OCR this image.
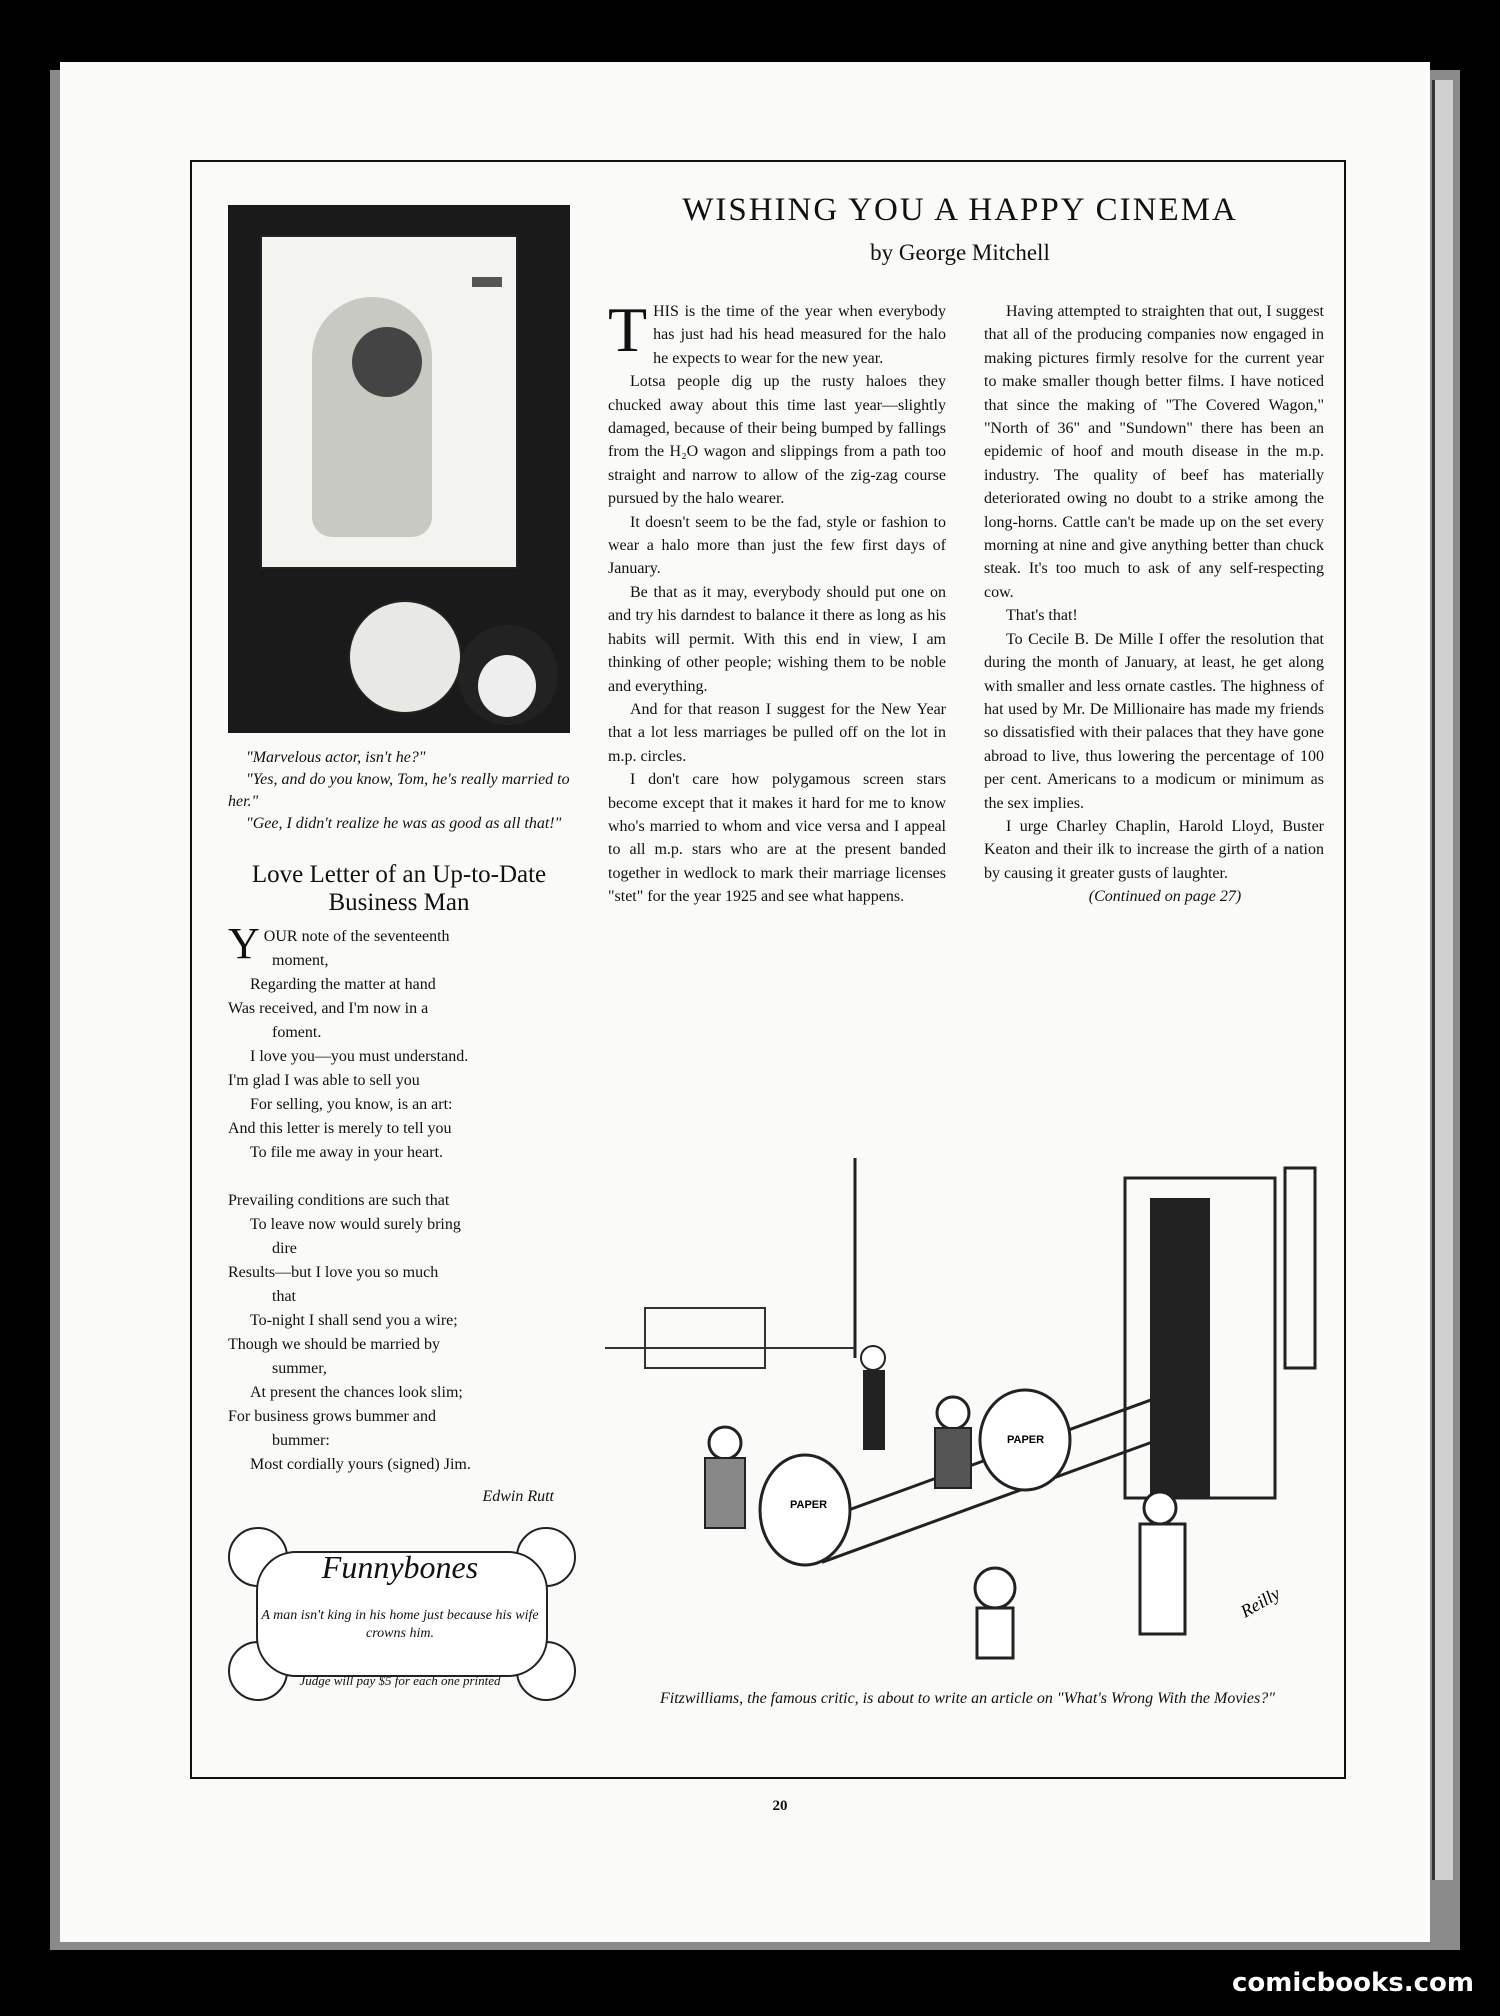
"Marvelous actor, isn't he?"

"Yes, and do you know, Tom, he's really married to her."

"Gee, I didn't realize he was as good as all that!"

Love Letter of an Up-to-Date Business Man
YOUR note of the seventeenth
moment,
Regarding the matter at hand
Was received, and I'm now in a
foment.
I love you—you must understand.
I'm glad I was able to sell you
For selling, you know, is an art:
And this letter is merely to tell you
To file me away in your heart.
Prevailing conditions are such that
To leave now would surely bring
dire
Results—but I love you so much
that
To-night I shall send you a wire;
Though we should be married by
summer,
At present the chances look slim;
For business grows bummer and
bummer:
Most cordially yours (signed) Jim.
Edwin Rutt
Funnybones
A man isn't king in his home just because his wife crowns him.
Judge will pay $5 for each one printed
WISHING YOU A HAPPY CINEMA
by George Mitchell

THIS is the time of the year when everybody has just had his head measured for the halo he expects to wear for the new year.

Lotsa people dig up the rusty haloes they chucked away about this time last year—slightly damaged, because of their being bumped by fallings from the H₂O wagon and slippings from a path too straight and narrow to allow of the zig-zag course pursued by the halo wearer.

It doesn't seem to be the fad, style or fashion to wear a halo more than just the few first days of January.

Be that as it may, everybody should put one on and try his darndest to balance it there as long as his habits will permit. With this end in view, I am thinking of other people; wishing them to be noble and everything.

And for that reason I suggest for the New Year that a lot less marriages be pulled off on the lot in m.p. circles.

I don't care how polygamous screen stars become except that it makes it hard for me to know who's married to whom and vice versa and I appeal to all m.p. stars who are at the present banded together in wedlock to mark their marriage licenses "stet" for the year 1925 and see what happens.

Having attempted to straighten that out, I suggest that all of the producing companies now engaged in making pictures firmly resolve for the current year to make smaller though better films. I have noticed that since the making of "The Covered Wagon," "North of 36" and "Sundown" there has been an epidemic of hoof and mouth disease in the m.p. industry. The quality of beef has materially deteriorated owing no doubt to a strike among the long-horns. Cattle can't be made up on the set every morning at nine and give anything better than chuck steak. It's too much to ask of any self-respecting cow.

That's that!

To Cecile B. De Mille I offer the resolution that during the month of January, at least, he get along with smaller and less ornate castles. The highness of hat used by Mr. De Millionaire has made my friends so dissatisfied with their palaces that they have gone abroad to live, thus lowering the percentage of 100 per cent. Americans to a modicum or minimum as the sex implies.

I urge Charley Chaplin, Harold Lloyd, Buster Keaton and their ilk to increase the girth of a nation by causing it greater gusts of laughter.

(Continued on page 27)

PAPER
PAPER
Reilly
Fitzwilliams, the famous critic, is about to write an article on "What's Wrong With the Movies?"
20
comicbooks.com
